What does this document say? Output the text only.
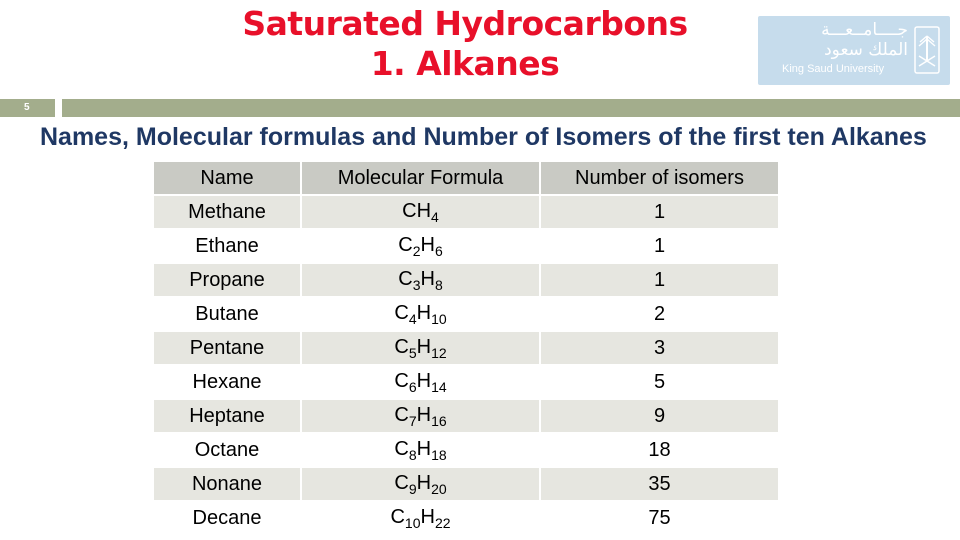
Saturated Hydrocarbons
1. Alkanes
جــــامــعـــة
الملك سعود
King Saud University
5
Names, Molecular formulas and Number of Isomers of the first ten Alkanes
Name	Molecular Formula	Number of isomers
Methane	$CH_4$	1
Ethane	$C_2H_6$	1
Propane	$C_3H_8$	1
Butane	$C_4H_{10}$	2
Pentane	$C_5H_{12}$	3
Hexane	$C_6H_{14}$	5
Heptane	$C_7H_{16}$	9
Octane	$C_8H_{18}$	18
Nonane	$C_9H_{20}$	35
Decane	$C_{10}H_{22}$	75
